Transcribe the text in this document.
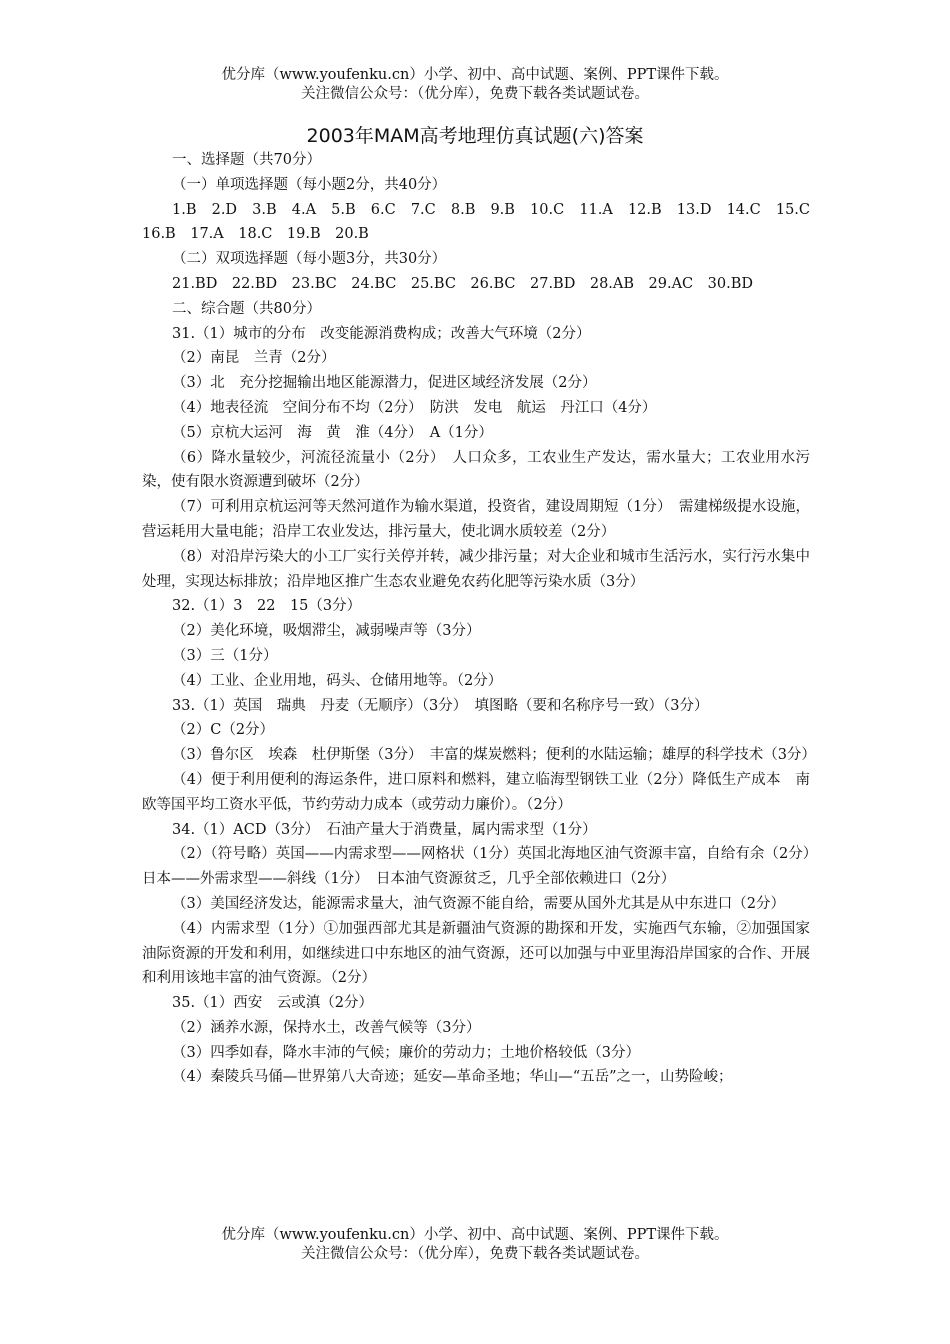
优分库（www.youfenku.cn）小学、初中、高中试题、案例、PPT课件下载。
关注微信公众号：（优分库），免费下载各类试题试卷。
2003年MAM高考地理仿真试题(六)答案

一、选择题（共70分）

（一）单项选择题（每小题2分，共40分）

1.B　2.D　3.B　4.A　5.B　6.C　7.C　8.B　9.B　10.C　11.A　12.B　13.D　14.C　15.C　16.B　17.A　18.C　19.B　20.B

（二）双项选择题（每小题3分，共30分）

21.BD　22.BD　23.BC　24.BC　25.BC　26.BC　27.BD　28.AB　29.AC　30.BD

二、综合题（共80分）

31.（1）城市的分布　改变能源消费构成；改善大气环境（2分）

（2）南昆　兰青（2分）

（3）北　充分挖掘输出地区能源潜力，促进区域经济发展（2分）

（4）地表径流　空间分布不均（2分）　防洪　发电　航运　丹江口（4分）

（5）京杭大运河　海　黄　淮（4分）　A（1分）

（6）降水量较少，河流径流量小（2分）　人口众多，工农业生产发达，需水量大；工农业用水污染，使有限水资源遭到破坏（2分）

（7）可利用京杭运河等天然河道作为输水渠道，投资省，建设周期短（1分）　需建梯级提水设施，营运耗用大量电能；沿岸工农业发达，排污量大，使北调水质较差（2分）

（8）对沿岸污染大的小工厂实行关停并转，减少排污量；对大企业和城市生活污水，实行污水集中处理，实现达标排放；沿岸地区推广生态农业避免农药化肥等污染水质（3分）

32.（1）3　22　15（3分）

（2）美化环境，吸烟滞尘，减弱噪声等（3分）

（3）三（1分）

（4）工业、企业用地，码头、仓储用地等。（2分）

33.（1）英国　瑞典　丹麦（无顺序）（3分）　填图略（要和名称序号一致）（3分）

（2）C（2分）

（3）鲁尔区　埃森　杜伊斯堡（3分）　丰富的煤炭燃料；便利的水陆运输；雄厚的科学技术（3分）

（4）便于利用便利的海运条件，进口原料和燃料，建立临海型钢铁工业（2分）降低生产成本　南欧等国平均工资水平低，节约劳动力成本（或劳动力廉价）。（2分）

34.（1）ACD（3分）　石油产量大于消费量，属内需求型（1分）

（2）（符号略）英国——内需求型——网格状（1分）英国北海地区油气资源丰富，自给有余（2分）　日本——外需求型——斜线（1分）　日本油气资源贫乏，几乎全部依赖进口（2分）

（3）美国经济发达，能源需求量大，油气资源不能自给，需要从国外尤其是从中东进口（2分）

（4）内需求型（1分）①加强西部尤其是新疆油气资源的勘探和开发，实施西气东输，②加强国家油际资源的开发和利用，如继续进口中东地区的油气资源，还可以加强与中亚里海沿岸国家的合作、开展和利用该地丰富的油气资源。（2分）

35.（1）西安　云或滇（2分）

（2）涵养水源，保持水土，改善气候等（3分）

（3）四季如春，降水丰沛的气候；廉价的劳动力；土地价格较低（3分）

（4）秦陵兵马俑—世界第八大奇迹；延安—革命圣地；华山—“五岳”之一，山势险峻；

优分库（www.youfenku.cn）小学、初中、高中试题、案例、PPT课件下载。
关注微信公众号：（优分库），免费下载各类试题试卷。
